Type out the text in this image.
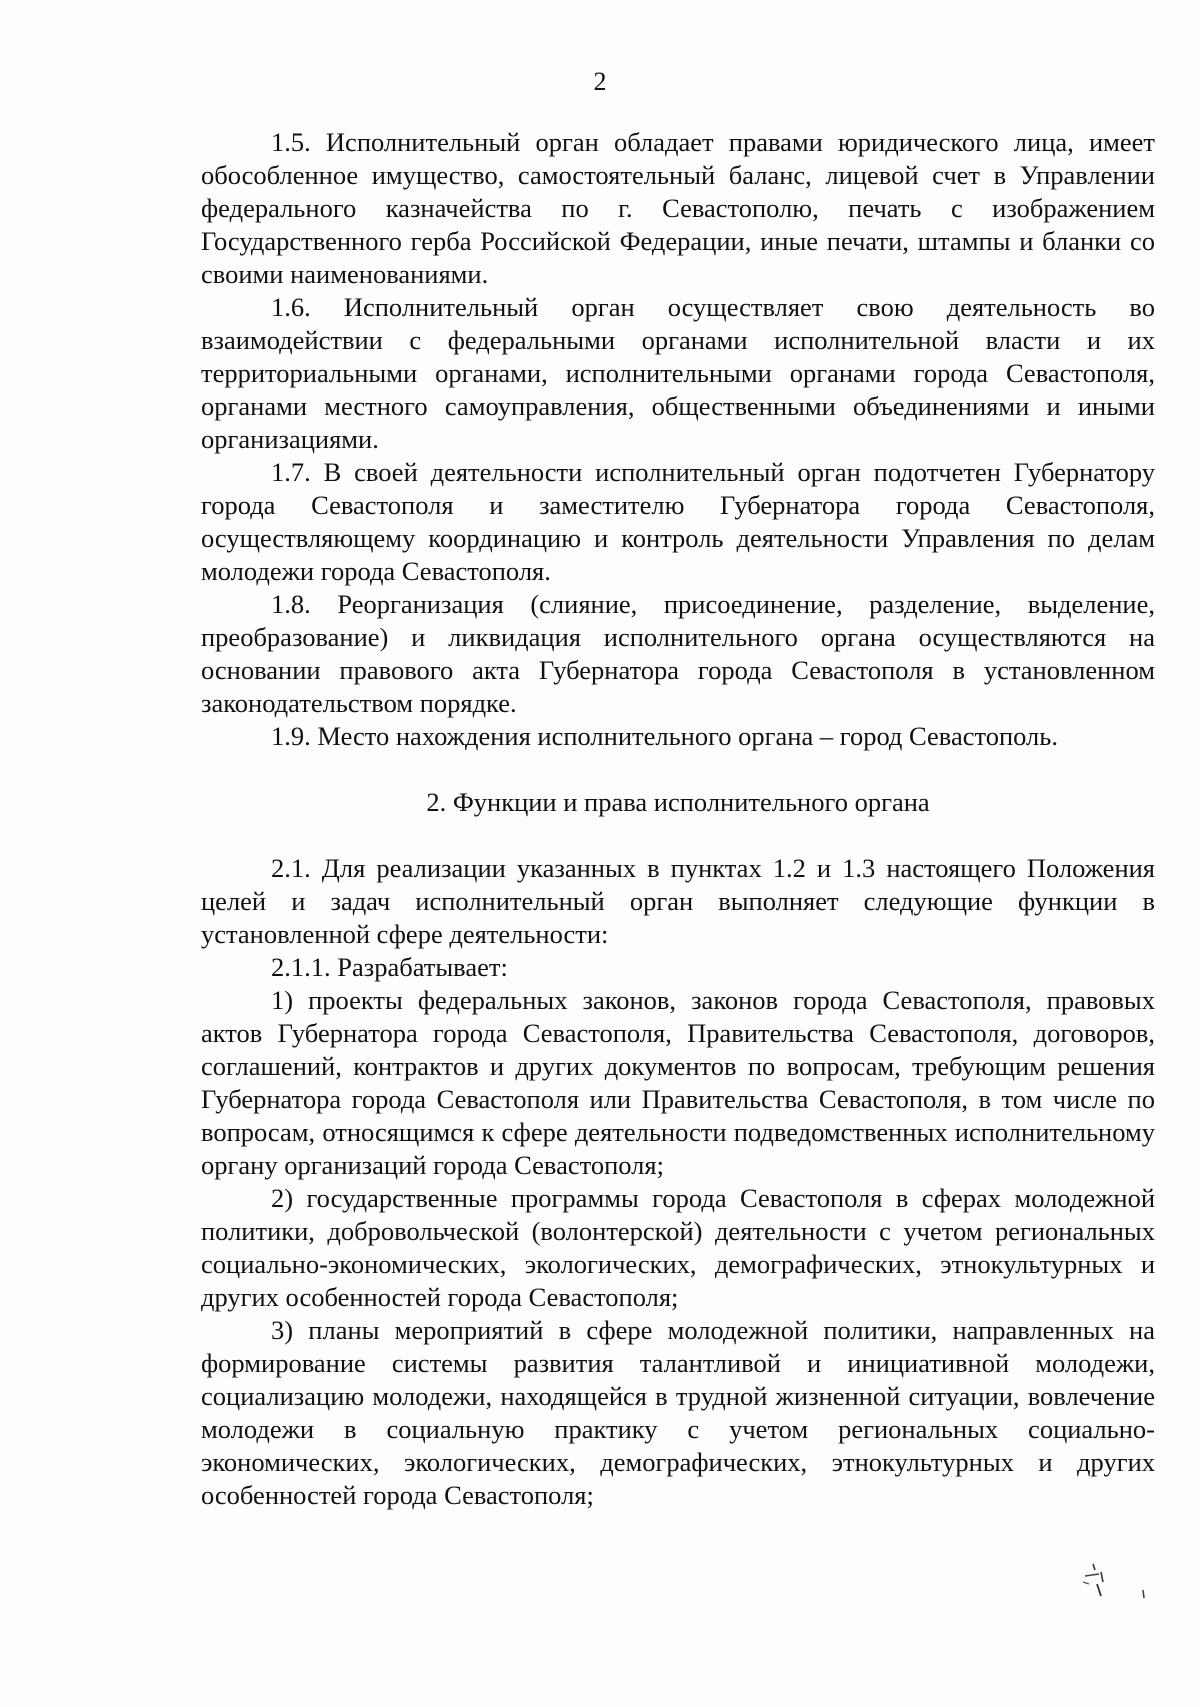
2

1.5. Исполнительный орган обладает правами юридического лица, имеет обособленное имущество, самостоятельный баланс, лицевой счет в Управлении федерального казначейства по г. Севастополю, печать с изображением Государственного герба Российской Федерации, иные печати, штампы и бланки со своими наименованиями.

1.6. Исполнительный орган осуществляет свою деятельность во взаимодействии с федеральными органами исполнительной власти и их территориальными органами, исполнительными органами города Севастополя, органами местного самоуправления, общественными объединениями и иными организациями.

1.7. В своей деятельности исполнительный орган подотчетен Губернатору города Севастополя и заместителю Губернатора города Севастополя, осуществляющему координацию и контроль деятельности Управления по делам молодежи города Севастополя.

1.8. Реорганизация (слияние, присоединение, разделение, выделение, преобразование) и ликвидация исполнительного органа осуществляются на основании правового акта Губернатора города Севастополя в установленном законодательством порядке.

1.9. Место нахождения исполнительного органа – город Севастополь.

2. Функции и права исполнительного органа

2.1. Для реализации указанных в пунктах 1.2 и 1.3 настоящего Положения целей и задач исполнительный орган выполняет следующие функции в установленной сфере деятельности:

2.1.1. Разрабатывает:

1) проекты федеральных законов, законов города Севастополя, правовых актов Губернатора города Севастополя, Правительства Севастополя, договоров, соглашений, контрактов и других документов по вопросам, требующим решения Губернатора города Севастополя или Правительства Севастополя, в том числе по вопросам, относящимся к сфере деятельности подведомственных исполнительному органу организаций города Севастополя;

2) государственные программы города Севастополя в сферах молодежной политики, добровольческой (волонтерской) деятельности с учетом региональных социально-экономических, экологических, демографических, этнокультурных и других особенностей города Севастополя;

3) планы мероприятий в сфере молодежной политики, направленных на формирование системы развития талантливой и инициативной молодежи, социализацию молодежи, находящейся в трудной жизненной ситуации, вовлечение молодежи в социальную практику с учетом региональных социально-экономических, экологических, демографических, этнокультурных и других особенностей города Севастополя;
